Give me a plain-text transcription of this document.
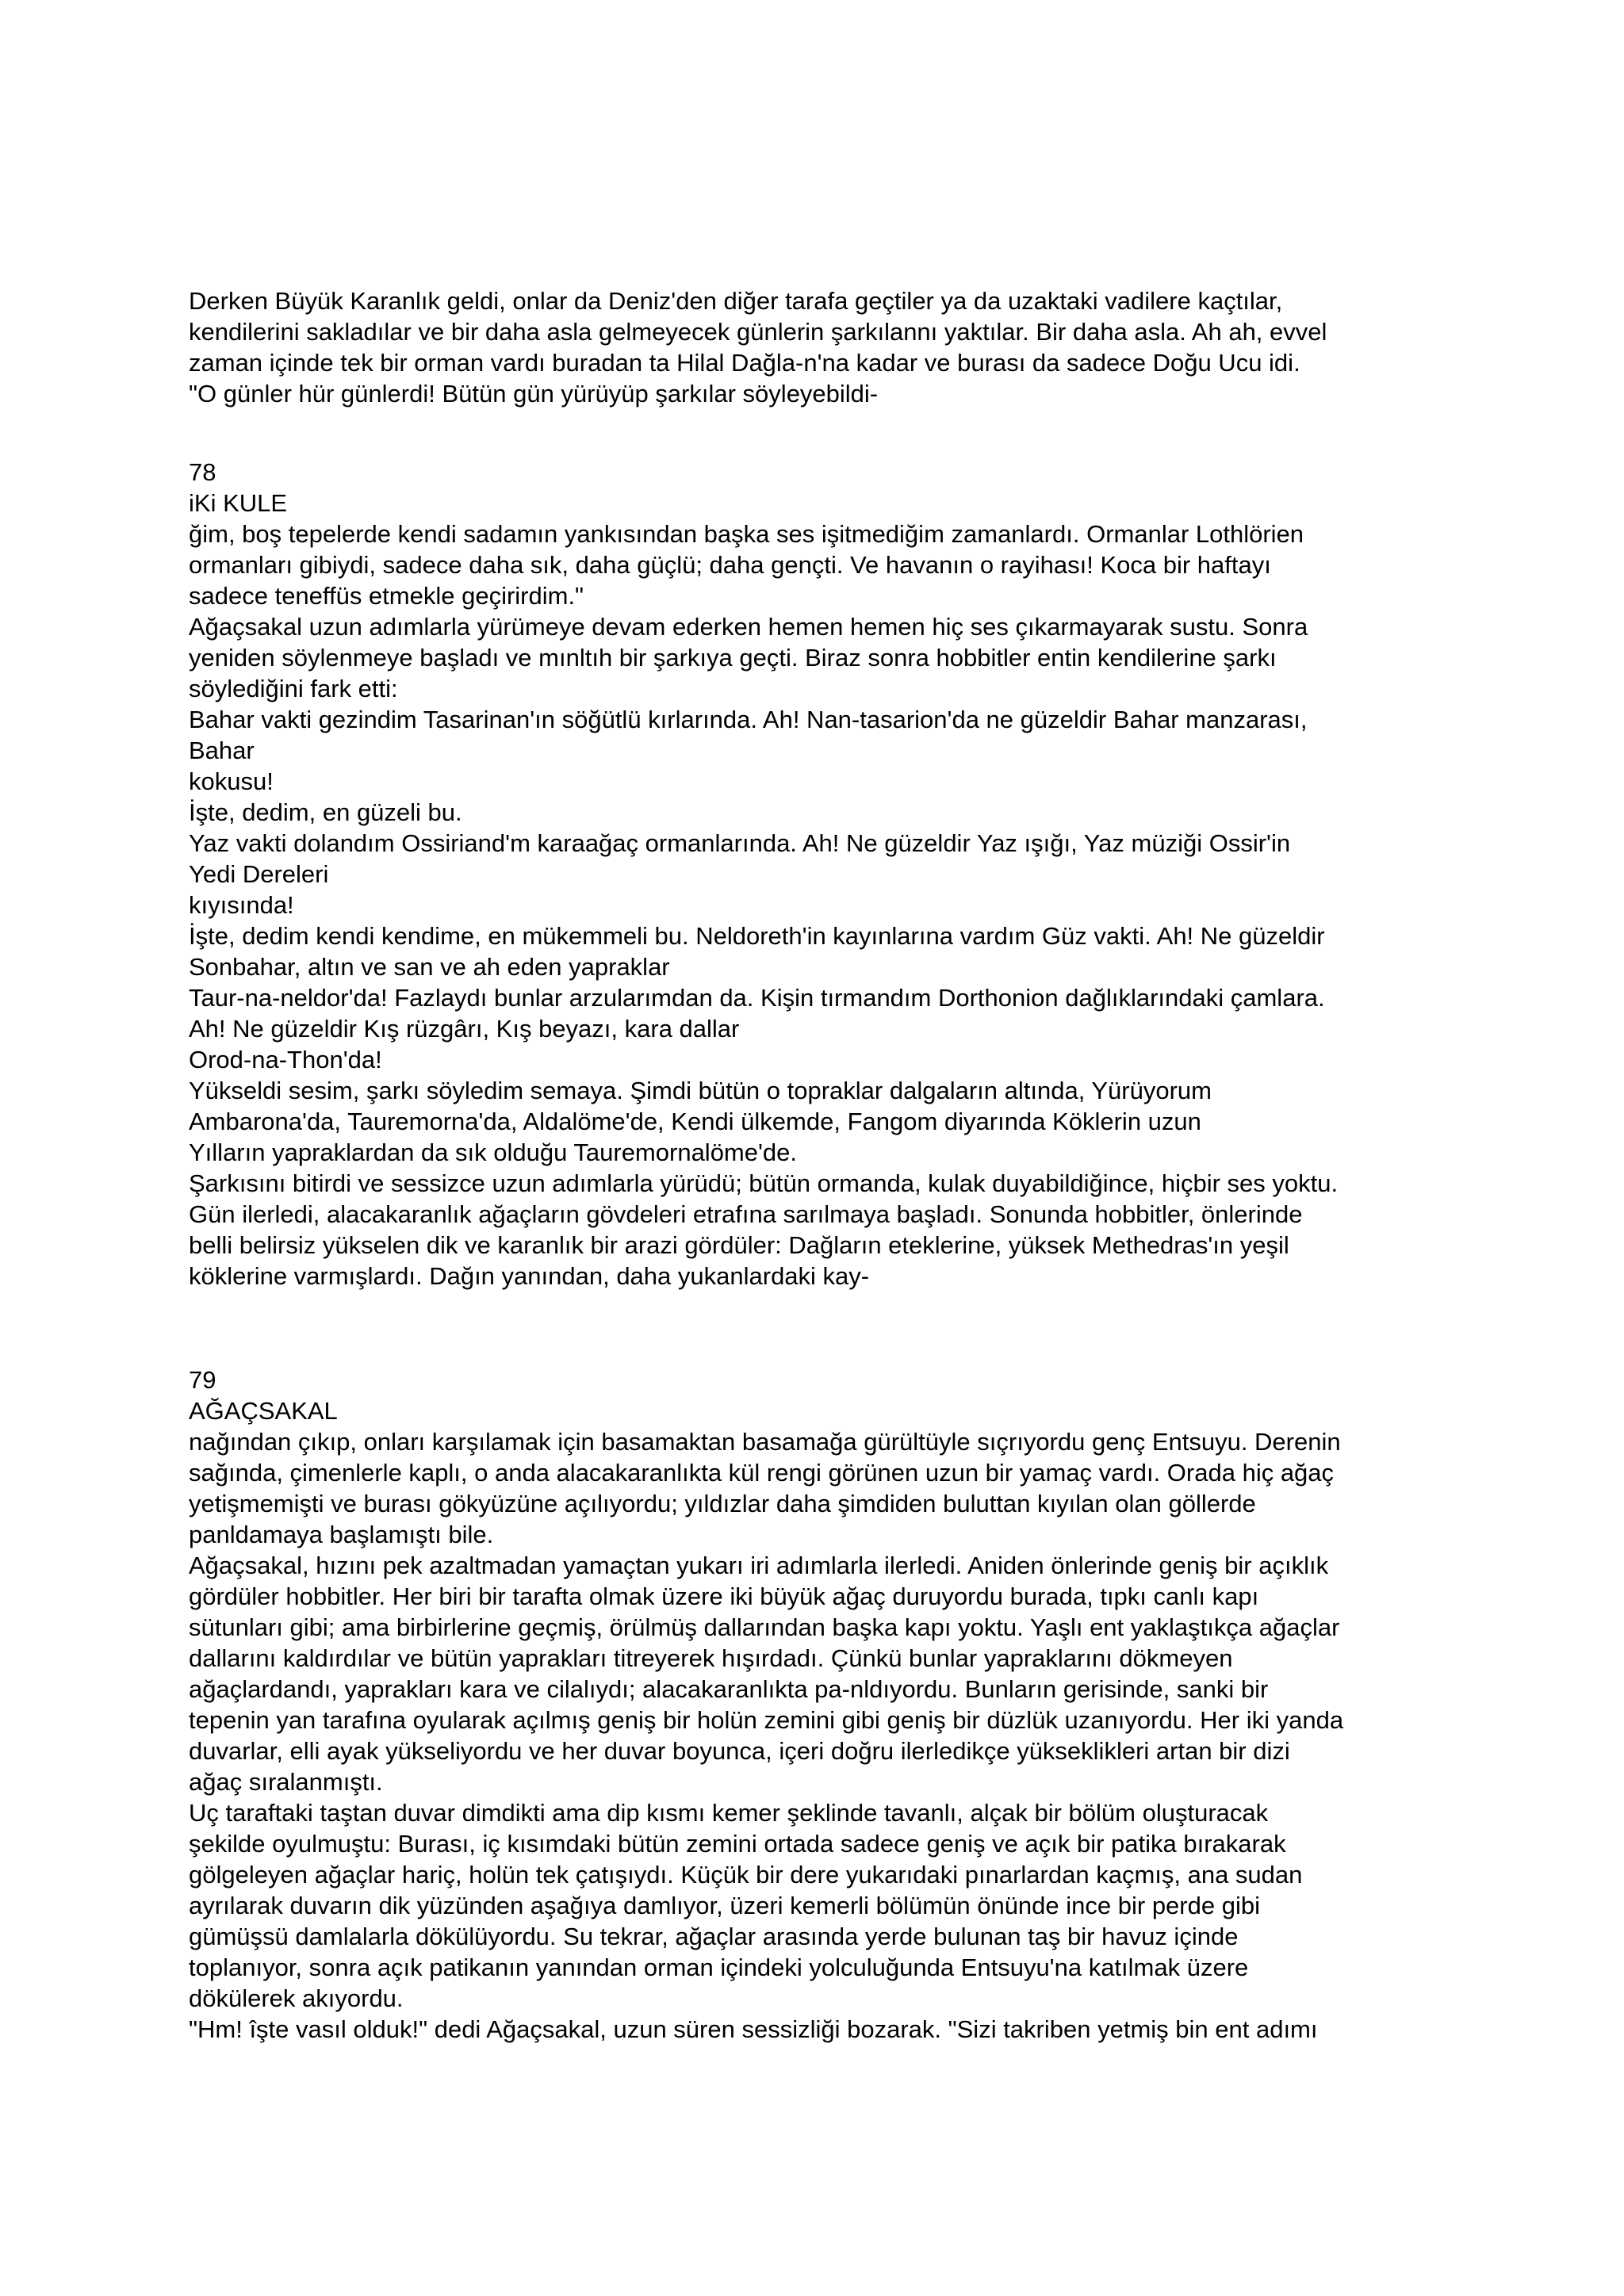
Derken Büyük Karanlık geldi, onlar da Deniz'den diğer tarafa geçtiler ya da uzaktaki vadilere kaçtılar,
kendilerini sakladılar ve bir daha asla gelmeyecek günlerin şarkılannı yaktılar. Bir daha asla. Ah ah, evvel
zaman içinde tek bir orman vardı buradan ta Hilal Dağla-n'na kadar ve burası da sadece Doğu Ucu idi.
"O günler hür günlerdi! Bütün gün yürüyüp şarkılar söyleyebildi-
78
iKi KULE
ğim, boş tepelerde kendi sadamın yankısından başka ses işitmediğim zamanlardı. Ormanlar Lothlörien
ormanları gibiydi, sadece daha sık, daha güçlü; daha gençti. Ve havanın o rayihası! Koca bir haftayı
sadece teneffüs etmekle geçirirdim."
Ağaçsakal uzun adımlarla yürümeye devam ederken hemen hemen hiç ses çıkarmayarak sustu. Sonra
yeniden söylenmeye başladı ve mınltıh bir şarkıya geçti. Biraz sonra hobbitler entin kendilerine şarkı
söylediğini fark etti:
Bahar vakti gezindim Tasarinan'ın söğütlü kırlarında. Ah! Nan-tasarion'da ne güzeldir Bahar manzarası,
Bahar
kokusu!
İşte, dedim, en güzeli bu.
Yaz vakti dolandım Ossiriand'm karaağaç ormanlarında. Ah! Ne güzeldir Yaz ışığı, Yaz müziği Ossir'in
Yedi Dereleri
kıyısında!
İşte, dedim kendi kendime, en mükemmeli bu. Neldoreth'in kayınlarına vardım Güz vakti. Ah! Ne güzeldir
Sonbahar, altın ve san ve ah eden yapraklar
Taur-na-neldor'da! Fazlaydı bunlar arzularımdan da. Kişin tırmandım Dorthonion dağlıklarındaki çamlara.
Ah! Ne güzeldir Kış rüzgârı, Kış beyazı, kara dallar
Orod-na-Thon'da!
Yükseldi sesim, şarkı söyledim semaya. Şimdi bütün o topraklar dalgaların altında, Yürüyorum
Ambarona'da, Tauremorna'da, Aldalöme'de, Kendi ülkemde, Fangom diyarında Köklerin uzun
Yılların yapraklardan da sık olduğu Tauremornalöme'de.
Şarkısını bitirdi ve sessizce uzun adımlarla yürüdü; bütün ormanda, kulak duyabildiğince, hiçbir ses yoktu.
Gün ilerledi, alacakaranlık ağaçların gövdeleri etrafına sarılmaya başladı. Sonunda hobbitler, önlerinde
belli belirsiz yükselen dik ve karanlık bir arazi gördüler: Dağların eteklerine, yüksek Methedras'ın yeşil
köklerine varmışlardı. Dağın yanından, daha yukanlardaki kay-
79
AĞAÇSAKAL
nağından çıkıp, onları karşılamak için basamaktan basamağa gürültüyle sıçrıyordu genç Entsuyu. Derenin
sağında, çimenlerle kaplı, o anda alacakaranlıkta kül rengi görünen uzun bir yamaç vardı. Orada hiç ağaç
yetişmemişti ve burası gökyüzüne açılıyordu; yıldızlar daha şimdiden buluttan kıyılan olan göllerde
panldamaya başlamıştı bile.
Ağaçsakal, hızını pek azaltmadan yamaçtan yukarı iri adımlarla ilerledi. Aniden önlerinde geniş bir açıklık
gördüler hobbitler. Her biri bir tarafta olmak üzere iki büyük ağaç duruyordu burada, tıpkı canlı kapı
sütunları gibi; ama birbirlerine geçmiş, örülmüş dallarından başka kapı yoktu. Yaşlı ent yaklaştıkça ağaçlar
dallarını kaldırdılar ve bütün yaprakları titreyerek hışırdadı. Çünkü bunlar yapraklarını dökmeyen
ağaçlardandı, yaprakları kara ve cilalıydı; alacakaranlıkta pa-nldıyordu. Bunların gerisinde, sanki bir
tepenin yan tarafına oyularak açılmış geniş bir holün zemini gibi geniş bir düzlük uzanıyordu. Her iki yanda
duvarlar, elli ayak yükseliyordu ve her duvar boyunca, içeri doğru ilerledikçe yükseklikleri artan bir dizi
ağaç sıralanmıştı.
Uç taraftaki taştan duvar dimdikti ama dip kısmı kemer şeklinde tavanlı, alçak bir bölüm oluşturacak
şekilde oyulmuştu: Burası, iç kısımdaki bütün zemini ortada sadece geniş ve açık bir patika bırakarak
gölgeleyen ağaçlar hariç, holün tek çatışıydı. Küçük bir dere yukarıdaki pınarlardan kaçmış, ana sudan
ayrılarak duvarın dik yüzünden aşağıya damlıyor, üzeri kemerli bölümün önünde ince bir perde gibi
gümüşsü damlalarla dökülüyordu. Su tekrar, ağaçlar arasında yerde bulunan taş bir havuz içinde
toplanıyor, sonra açık patikanın yanından orman içindeki yolculuğunda Entsuyu'na katılmak üzere
dökülerek akıyordu.
"Hm! îşte vasıl olduk!" dedi Ağaçsakal, uzun süren sessizliği bozarak. "Sizi takriben yetmiş bin ent adımı
